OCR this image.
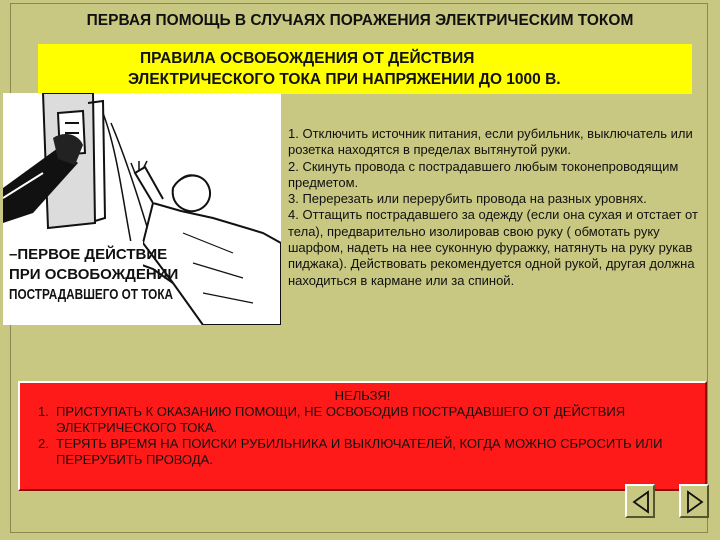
ПЕРВАЯ ПОМОЩЬ В СЛУЧАЯХ ПОРАЖЕНИЯ ЭЛЕКТРИЧЕСКИМ ТОКОМ
ПРАВИЛА ОСВОБОЖДЕНИЯ ОТ ДЕЙСТВИЯ
ЭЛЕКТРИЧЕСКОГО ТОКА ПРИ НАПРЯЖЕНИИ ДО 1000 В.
–ПЕРВОЕ ДЕЙСТВИЕ
ПРИ ОСВОБОЖДЕНИИ
ПОСТРАДАВШЕГО ОТ ТОКА
1. Отключить источник питания, если рубильник, выключатель или розетка находятся в пределах вытянутой руки.
2. Скинуть провода с пострадавшего любым токонепроводящим предметом.
3. Перерезать или перерубить провода на разных уровнях.
4. Оттащить пострадавшего за одежду (если она сухая и отстает от тела), предварительно изолировав свою руку ( обмотать руку шарфом, надеть на нее суконную фуражку, натянуть на руку рукав пиджака). Действовать рекомендуется одной рукой, другая должна находиться в кармане или за спиной.
НЕЛЬЗЯ!
1. ПРИСТУПАТЬ К ОКАЗАНИЮ ПОМОЩИ, НЕ ОСВОБОДИВ ПОСТРАДАВШЕГО ОТ ДЕЙСТВИЯ ЭЛЕКТРИЧЕСКОГО ТОКА.
2. ТЕРЯТЬ ВРЕМЯ НА ПОИСКИ РУБИЛЬНИКА И ВЫКЛЮЧАТЕЛЕЙ, КОГДА МОЖНО СБРОСИТЬ ИЛИ ПЕРЕРУБИТЬ ПРОВОДА.
